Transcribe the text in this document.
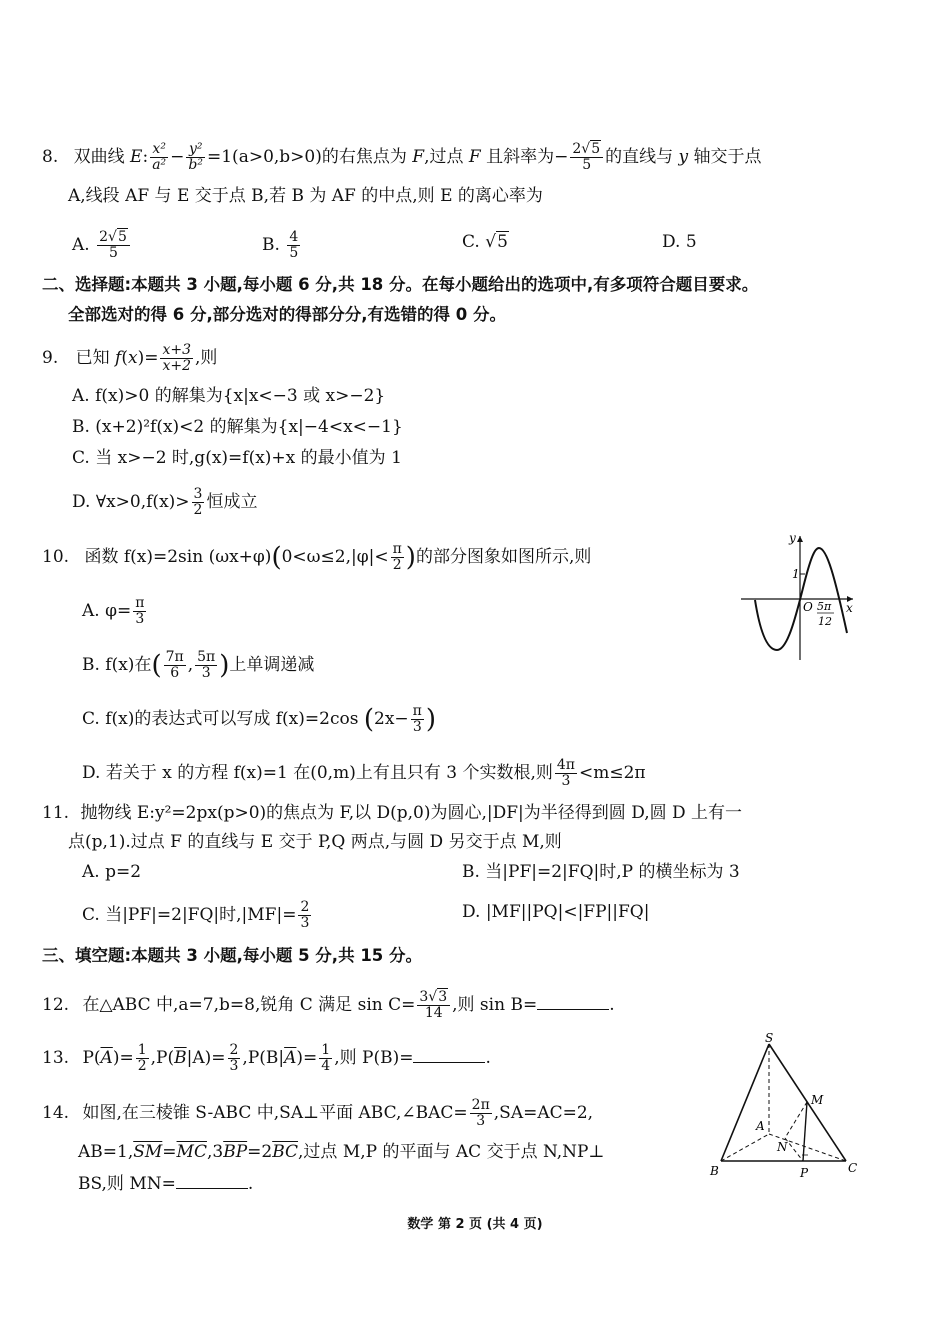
8. 双曲线 E: $\frac{\text{x²}}{\text{a²}} - \frac{\text{y²}}{\text{b²}} =1(a>0,b>0)$的右焦点为 F,过点 F 且斜率为− $\frac{2√5}{5}$ 的直线与 y 轴交于点
A,线段 AF 与 E 交于点 B,若 B 为 AF 的中点,则 E 的离心率为
A. $\frac{2√5}{5}$	B. $\frac{4}{5}$	C. √5	D. 5
二、选择题:本题共 3 小题,每小题 6 分,共 18 分。在每小题给出的选项中,有多项符合题目要求。
全部选对的得 6 分,部分选对的得部分分,有选错的得 0 分。
9. 已知 $f(x)= \frac{x+3}{x+2}$ ,则
A. f(x)>0 的解集为{x|x<−3 或 x>−2}
B. (x+2)²f(x)<2 的解集为{x|−4<x<−1}
C. 当 x>−2 时,g(x)=f(x)+x 的最小值为 1
D. ∀x>0,f(x)> $\frac{3}{2}$ 恒成立
10. 函数 f(x)=2sin $(\omega x+\varphi)(0<\omega\le 2,|\varphi|< \frac{\pi}{2}$ )的部分图象如图所示,则
A. $\varphi= \frac{\pi}{3}$
B. f(x)在( $\frac{7\pi}{6}$ , $\frac{5\pi}{3}$ )上单调递减
C. f(x)的表达式可以写成 f(x)=2cos ($2x- \frac{\pi}{3}$ )
D. 若关于 x 的方程 f(x)=1 在(0,m)上有且只有 3 个实数根,则 $\frac{4\pi}{3} <m\le 2\pi$
y
x
O
1
5π
12
11. 抛物线 E:y²=2px(p>0)的焦点为 F,以 D(p,0)为圆心,|DF|为半径得到圆 D,圆 D 上有一
点(p,1).过点 F 的直线与 E 交于 P,Q 两点,与圆 D 另交于点 M,则
A. p=2	B. 当|PF|=2|FQ|时,P 的横坐标为 3
C. 当|PF|=2|FQ|时$,|MF|= \frac{2}{3}$	D. |MF||PQ|<|FP||FQ|
三、填空题:本题共 3 小题,每小题 5 分,共 15 分。
12. 在△ABC 中,a=7,b=8,锐角 C 满足 $\sin C= \frac{3√3}{14}$ ,则 sin B=	.
13. $P(\overline{A})= \frac{1}{2} ,P(\overline{B}|A)= \frac{2}{3} ,P(B|\overline{A})= \frac{1}{4}$ ,则 P(B)=	.
14. 如图,在三棱锥 S-ABC 中,SA⊥平面 ABC,∠BAC= $\frac{2\pi}{3} ,SA=AC=2$,
$AB=1,\overline{SM}=\overline{MC},3\overline{BP}=2\overline{BC}$,过点 M,P 的平面与 AC 交于点 N,NP⊥
BS,则 MN=	.
S
M
A
N
B	P	C
数学 第 2 页 (共 4 页)
